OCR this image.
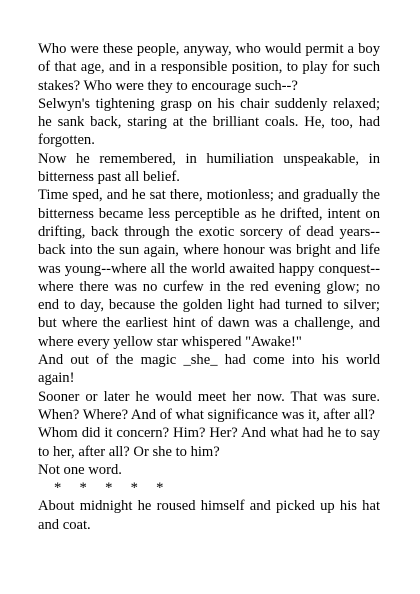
Who were these people, anyway, who would permit a boy of that age, and in a responsible position, to play for such stakes? Who were they to encourage such--?

Selwyn's tightening grasp on his chair suddenly relaxed; he sank back, staring at the brilliant coals. He, too, had forgotten.

Now he remembered, in humiliation unspeakable, in bitterness past all belief.

Time sped, and he sat there, motionless; and gradually the bitterness became less perceptible as he drifted, intent on drifting, back through the exotic sorcery of dead years--back into the sun again, where honour was bright and life was young--where all the world awaited happy conquest--where there was no curfew in the red evening glow; no end to day, because the golden light had turned to silver; but where the earliest hint of dawn was a challenge, and where every yellow star whispered "Awake!"

And out of the magic _she_ had come into his world again!

Sooner or later he would meet her now. That was sure. When? Where? And of what significance was it, after all?

Whom did it concern? Him? Her? And what had he to say to her, after all? Or she to him?

Not one word.

*     *     *     *     *

About midnight he roused himself and picked up his hat and coat.
